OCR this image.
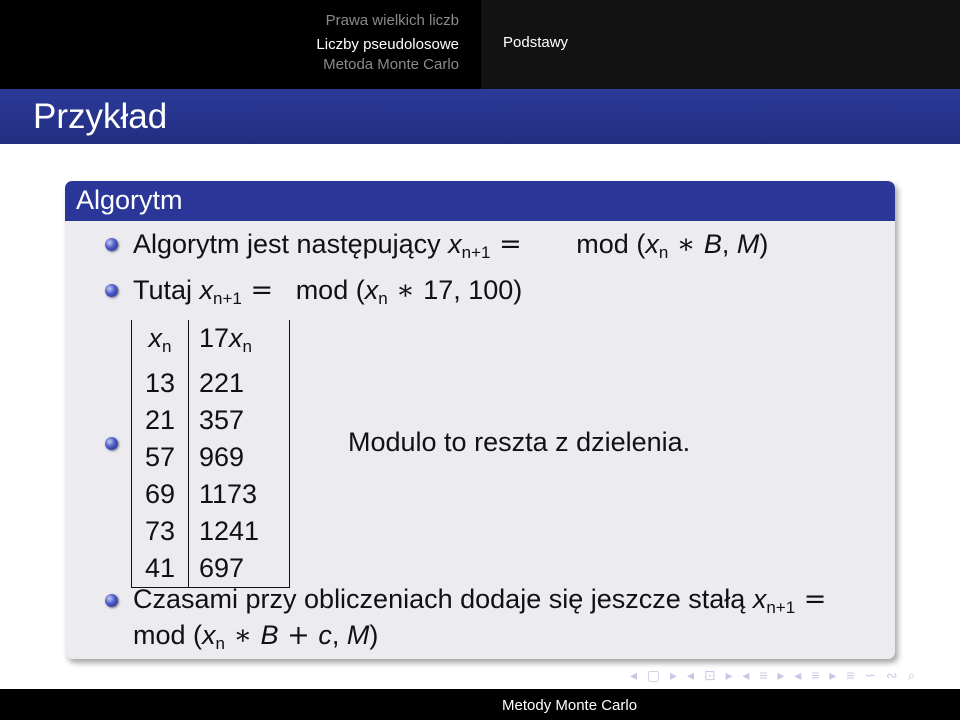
Prawa wielkich liczb
Liczby pseudolosowe
Metoda Monte Carlo
Podstawy
Przykład
Algorytm
Algorytm jest następujący $x_{n+1}$ = mod ($x_n$ ∗ B, M)
Tutaj $x_{n+1}$ = mod ($x_n$ ∗ 17, 100)
$x_n$	$17x_n$
13	221
21	357
57	969
69	1173
73	1241
41	697
Modulo to reszta z dzielenia.
Czasami przy obliczeniach dodaje się jeszcze stałą $x_{n+1}$ =
mod ($x_n$ ∗ B + c, M)
◂ ▢ ▸ ◂ ⊡ ▸ ◂ ≡ ▸ ◂ ≡ ▸ ≡ ∽ ∾ ⌕
Metody Monte Carlo
